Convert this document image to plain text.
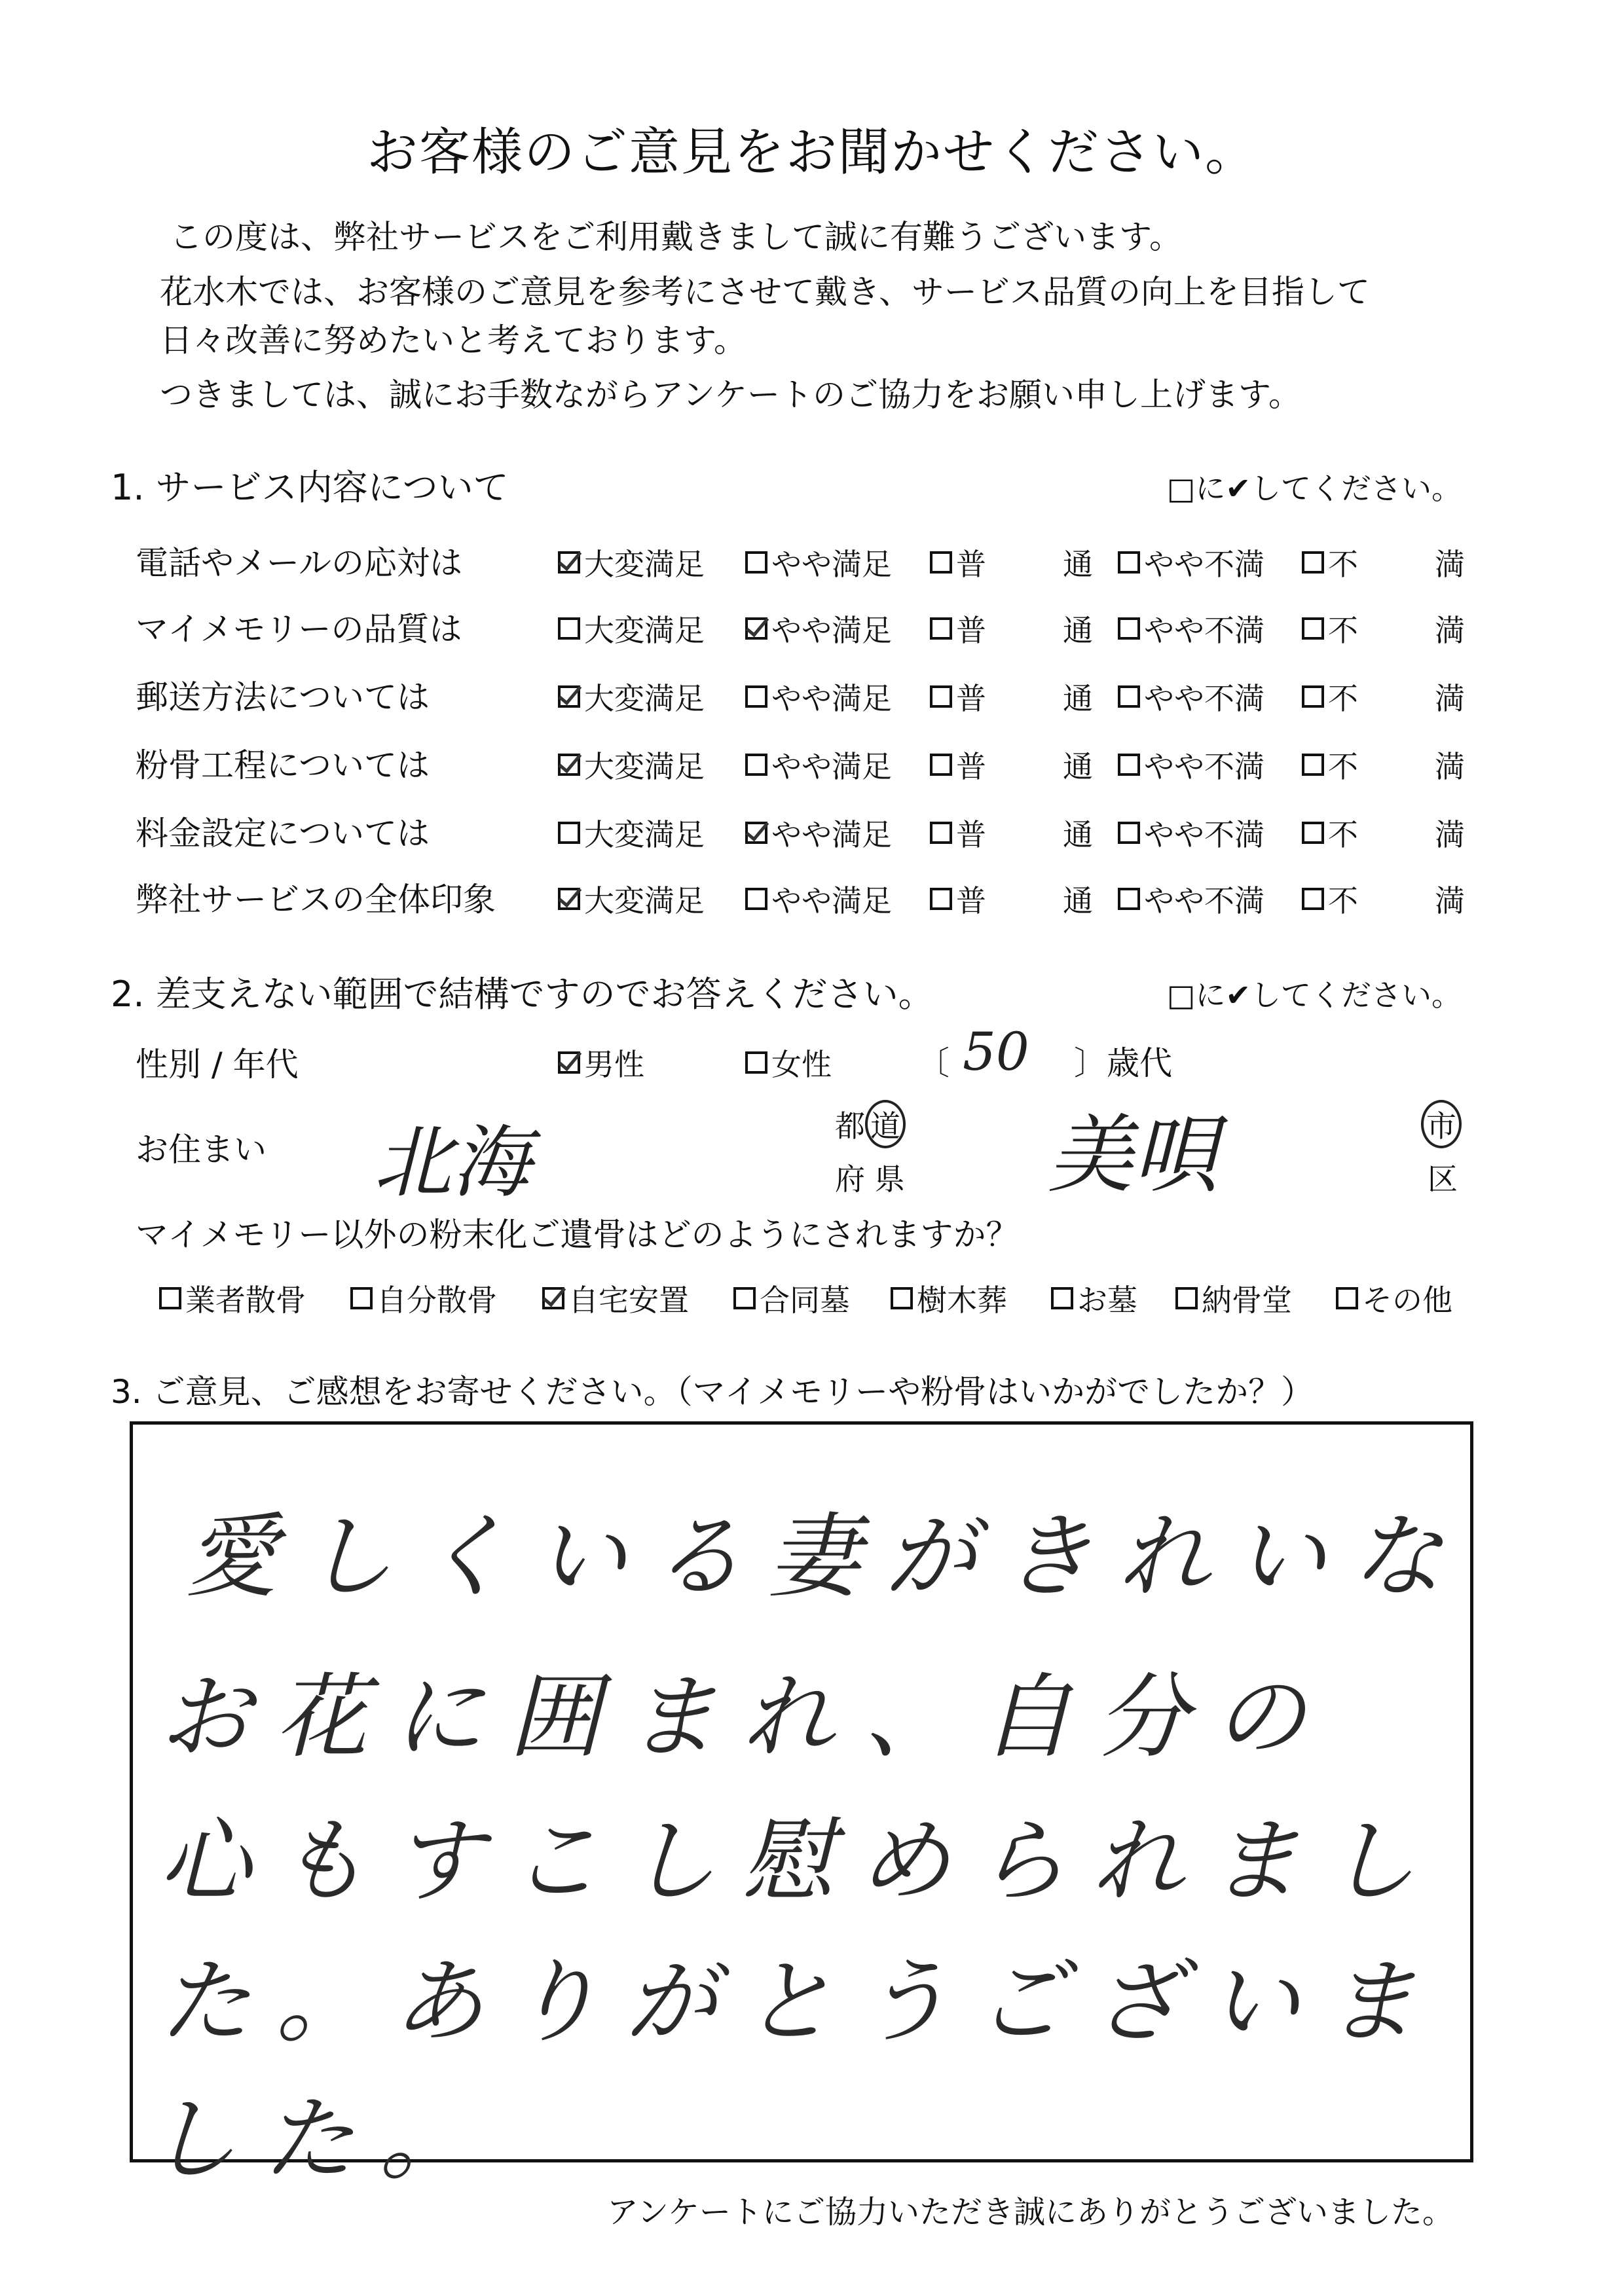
お客様のご意見をお聞かせください。
この度は、弊社サービスをご利用戴きまして誠に有難うございます。
花水木では、お客様のご意見を参考にさせて戴き、サービス品質の向上を目指して
日々改善に努めたいと考えております。
つきましては、誠にお手数ながらアンケートのご協力をお願い申し上げます。
1. サービス内容について	□に✔してください。
電話やメールの応対は	大変満足 やや満足 普	通 やや不満 不	満
マイメモリーの品質は	大変満足 やや満足 普	通 やや不満 不	満
郵送方法については	大変満足 やや満足 普	通 やや不満 不	満
粉骨工程については	大変満足 やや満足 普	通 やや不満 不	満
料金設定については	大変満足 やや満足 普	通 やや不満 不	満
弊社サービスの全体印象	大変満足 やや満足 普	通 やや不満 不	満
2. 差支えない範囲で結構ですのでお答えください。	□に✔してください。
性別 / 年代	男性	女性	〔 50 〕歳代
お住まい 北海	都 道
府 県 美唄	市
区
マイメモリー以外の粉末化ご遺骨はどのようにされますか？
業者散骨 自分散骨 自宅安置 合同墓 樹木葬 お墓 納骨堂 その他
3. ご意見、ご感想をお寄せください。（マイメモリーや粉骨はいかがでしたか？）
愛しくいる妻がきれいな
お花に囲まれ、自分の
心もすこし慰められまし
た。ありがとうございま
した。
アンケートにご協力いただき誠にありがとうございました。
